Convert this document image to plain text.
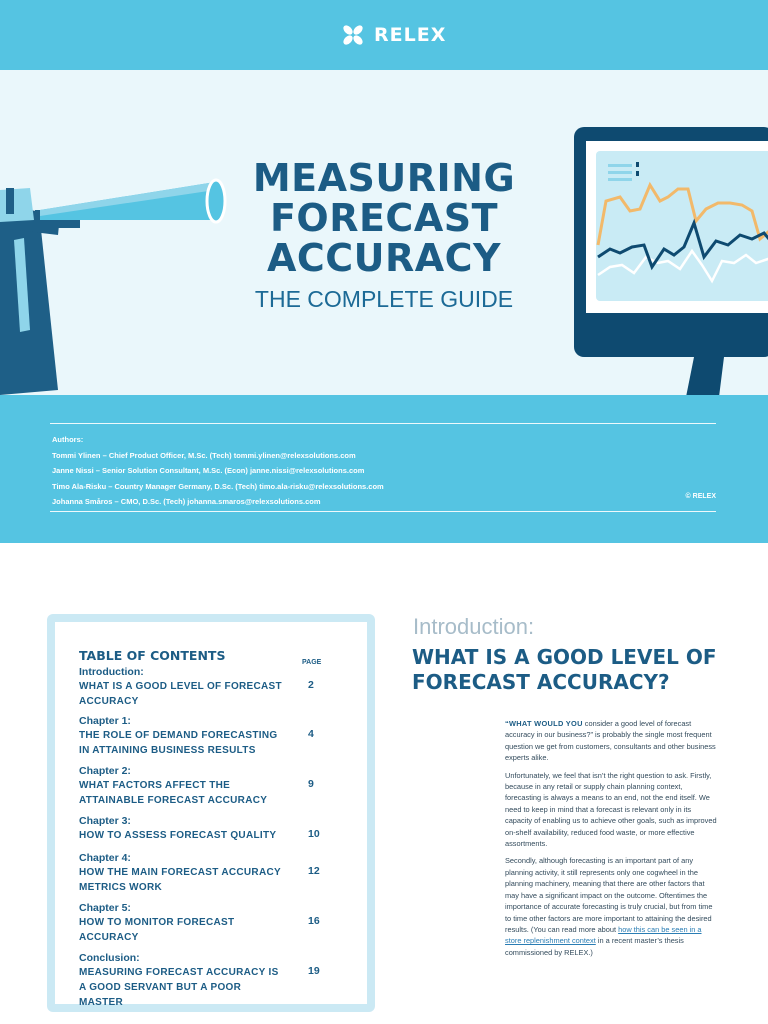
RELEX
MEASURING
FORECAST
ACCURACY
THE COMPLETE GUIDE
Authors:
Tommi Ylinen – Chief Product Officer, M.Sc. (Tech) tommi.ylinen@relexsolutions.com
Janne Nissi – Senior Solution Consultant, M.Sc. (Econ) janne.nissi@relexsolutions.com
Timo Ala-Risku – Country Manager Germany, D.Sc. (Tech) timo.ala-risku@relexsolutions.com
Johanna Småros – CMO, D.Sc. (Tech) johanna.smaros@relexsolutions.com
© RELEX
TABLE OF CONTENTS	PAGE
Introduction:
WHAT IS A GOOD LEVEL OF FORECAST ACCURACY
2
Chapter 1:
THE ROLE OF DEMAND FORECASTING IN ATTAINING BUSINESS RESULTS
4
Chapter 2:
WHAT FACTORS AFFECT THE ATTAINABLE FORECAST ACCURACY
9
Chapter 3:
HOW TO ASSESS FORECAST QUALITY	10
Chapter 4:
HOW THE MAIN FORECAST ACCURACY METRICS WORK
12
Chapter 5:
HOW TO MONITOR FORECAST ACCURACY
16
Conclusion:
MEASURING FORECAST ACCURACY IS A GOOD SERVANT BUT A POOR MASTER
19
Introduction:
WHAT IS A GOOD LEVEL OF FORECAST ACCURACY?

“WHAT WOULD YOU consider a good level of forecast accuracy in our business?” is probably the single most frequent question we get from customers, consultants and other business experts alike.

Unfortunately, we feel that isn’t the right question to ask. Firstly, because in any retail or supply chain planning context, forecasting is always a means to an end, not the end itself. We need to keep in mind that a forecast is relevant only in its capacity of enabling us to achieve other goals, such as improved on-shelf availability, reduced food waste, or more effective assortments.

Secondly, although forecasting is an important part of any planning activity, it still represents only one cogwheel in the planning machinery, meaning that there are other factors that may have a significant impact on the outcome. Oftentimes the importance of accurate forecasting is truly crucial, but from time to time other factors are more important to attaining the desired results. (You can read more about how this can be seen in a store replenishment context in a recent master’s thesis commissioned by RELEX.)
